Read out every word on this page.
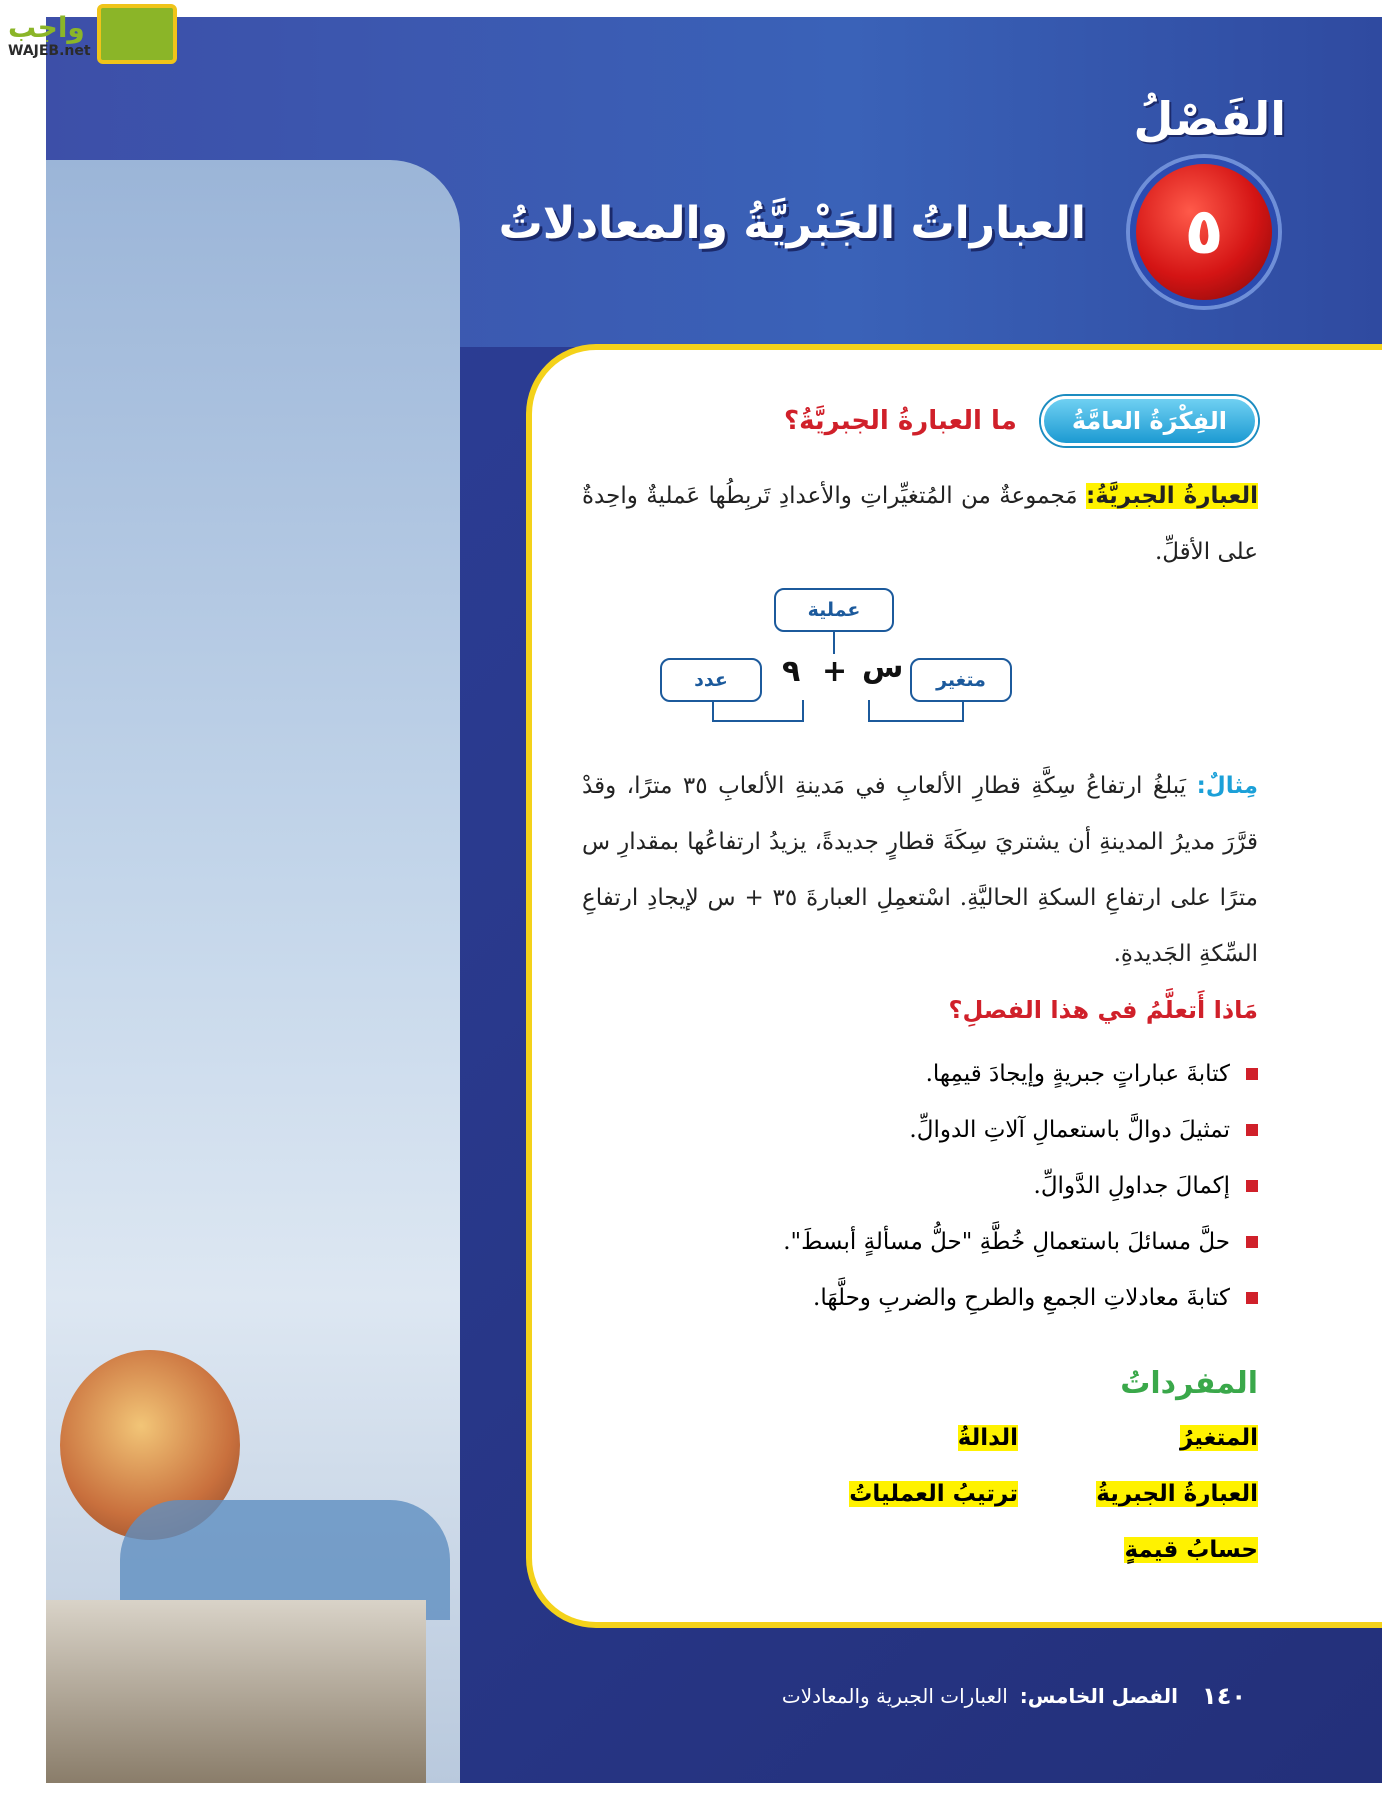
واجب
WAJEB.net
الفَصْلُ
٥
العباراتُ الجَبْريَّةُ والمعادلاتُ
الفِكْرَةُ العامَّةُ
ما العبارةُ الجبريَّةُ؟

العبارةُ الجبريَّةُ: مَجموعةٌ من المُتغيِّراتِ والأعدادِ تَربِطُها عَمليةٌ واحِدةٌ على الأقلِّ.

عملية
عدد	متغير
٩ + س

مِثالٌ: يَبلغُ ارتفاعُ سِكَّةِ قطارِ الألعابِ في مَدينةِ الألعابِ ٣٥ مترًا، وقدْ قرَّرَ مديرُ المدينةِ أن يشتريَ سِكَةَ قطارٍ جديدةً، يزيدُ ارتفاعُها بمقدارِ س مترًا على ارتفاعِ السكةِ الحاليَّةِ. اسْتعمِلِ العبارةَ ٣٥ + س لإيجادِ ارتفاعِ السِّكةِ الجَديدةِ.

مَاذا أَتعلَّمُ في هذا الفصلِ؟
كتابةَ عباراتٍ جبريةٍ وإيجادَ قيمِها.
تمثيلَ دوالَّ باستعمالِ آلاتِ الدوالِّ.
إكمالَ جداولِ الدَّوالِّ.
حلَّ مسائلَ باستعمالِ خُطَّةِ "حلُّ مسألةٍ أبسطَ".
كتابةَ معادلاتِ الجمعِ والطرحِ والضربِ وحلَّهَا.
المفرداتُ
المتغيرُ
الدالةُ
العبارةُ الجبريةُ
ترتيبُ العملياتُ
حسابُ قيمةٍ
١٤٠
الفصل الخامس:
العبارات الجبرية والمعادلات
